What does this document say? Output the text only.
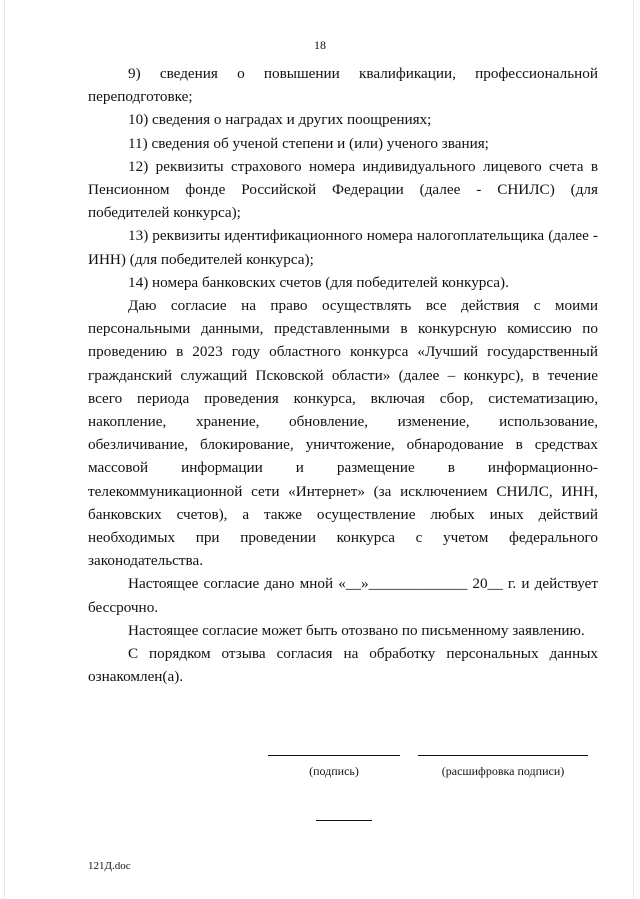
18

9) сведения о повышении квалификации, профессиональной переподготовке;

10) сведения о наградах и других поощрениях;

11) сведения об ученой степени и (или) ученого звания;

12) реквизиты страхового номера индивидуального лицевого счета в Пенсионном фонде Российской Федерации (далее - СНИЛС) (для победителей конкурса);

13) реквизиты идентификационного номера налогоплательщика (далее - ИНН) (для победителей конкурса);

14) номера банковских счетов (для победителей конкурса).

Даю согласие на право осуществлять все действия с моими персональными данными, представленными в конкурсную комиссию по проведению в 2023 году областного конкурса «Лучший государственный гражданский служащий Псковской области» (далее – конкурс), в течение всего периода проведения конкурса, включая сбор, систематизацию, накопление, хранение, обновление, изменение, использование, обезличивание, блокирование, уничтожение, обнародование в средствах массовой информации и размещение в информационно-телекоммуникационной сети «Интернет» (за исключением СНИЛС, ИНН, банковских счетов), а также осуществление любых иных действий необходимых при проведении конкурса с учетом федерального законодательства.

Настоящее согласие дано мной «__»_____________ 20__ г. и действует бессрочно.

Настоящее согласие может быть отозвано по письменному заявлению.

С порядком отзыва согласия на обработку персональных данных ознакомлен(а).

(подпись)	(расшифровка подписи)
121Д.doc
